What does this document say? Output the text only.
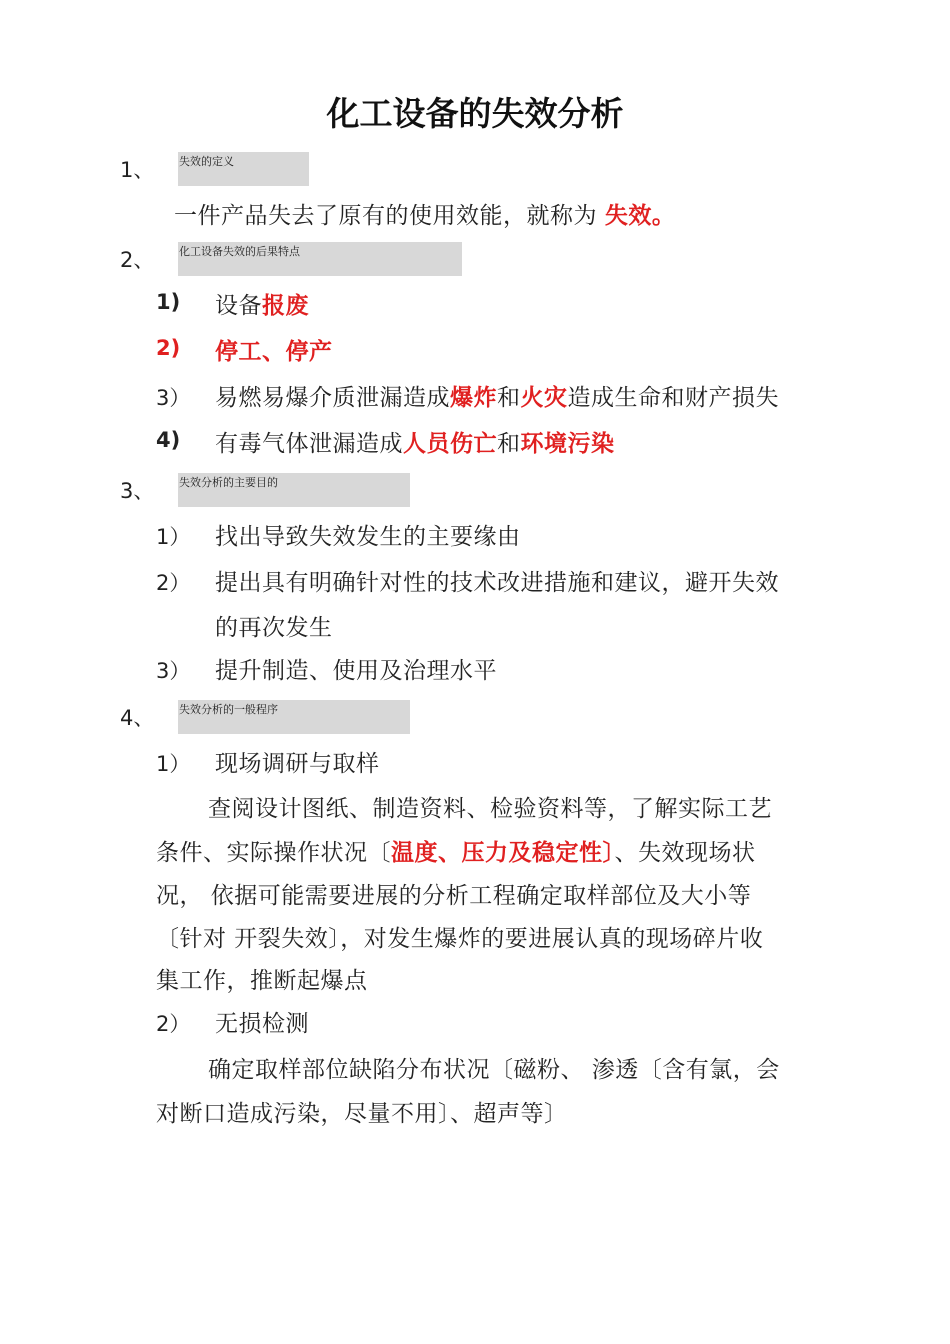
化工设备的失效分析
1、 失效的定义
一件产品失去了原有的使用效能，就称为 失效。
2、 化工设备失效的后果特点
1) 设备报废
2) 停工、停产
3） 易燃易爆介质泄漏造成爆炸和火灾造成生命和财产损失
4) 有毒气体泄漏造成人员伤亡和环境污染
3、 失效分析的主要目的
1） 找出导致失效发生的主要缘由
2） 提出具有明确针对性的技术改进措施和建议，避开失效
的再次发生
3） 提升制造、使用及治理水平
4、 失效分析的一般程序
1） 现场调研与取样
查阅设计图纸、制造资料、检验资料等，了解实际工艺
条件、实际操作状况〔温度、压力及稳定性〕、失效现场状
况， 依据可能需要进展的分析工程确定取样部位及大小等
〔针对 开裂失效〕，对发生爆炸的要进展认真的现场碎片收
集工作，推断起爆点
2） 无损检测
确定取样部位缺陷分布状况〔磁粉、 渗透〔含有氯，会
对断口造成污染，尽量不用〕、超声等〕
